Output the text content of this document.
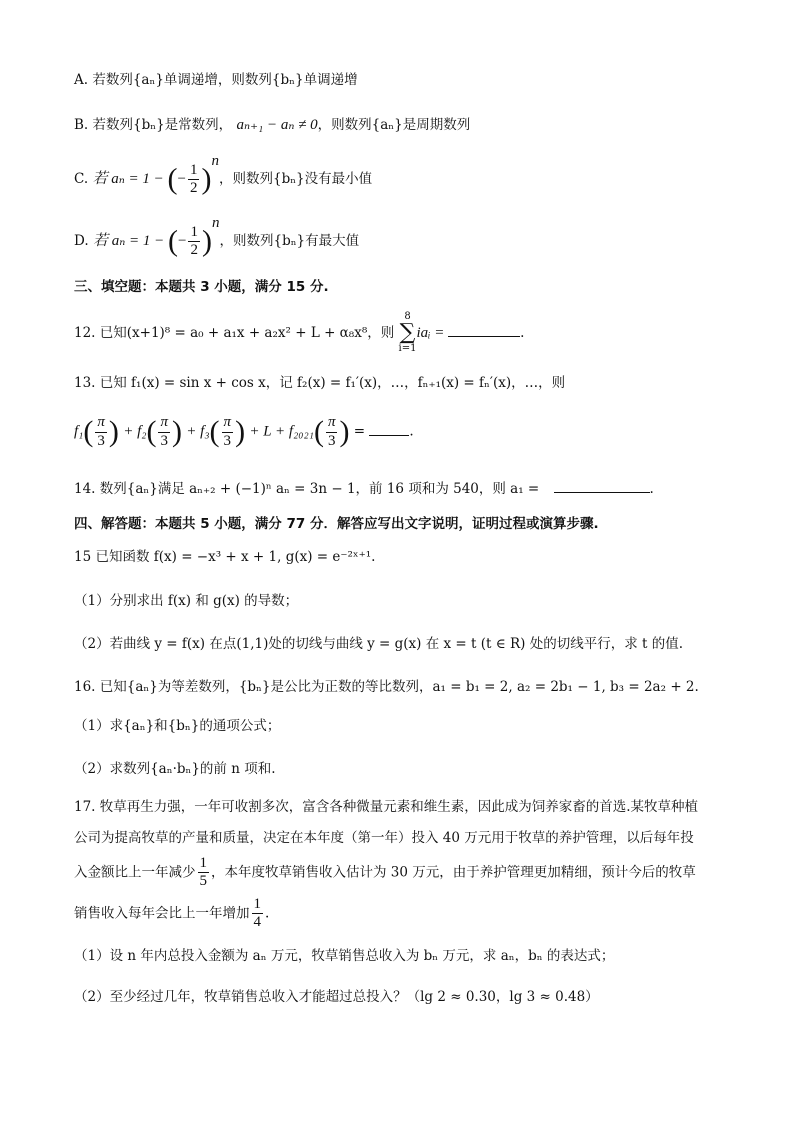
A. 若数列{aₙ}单调递增，则数列{bₙ}单调递增
B. 若数列{bₙ}是常数列， aₙ₊₁ − aₙ ≠ 0，则数列{aₙ}是周期数列
C. 若 aₙ = 1 − (− $\frac{1}{2} )^n$，则数列{bₙ}没有最小值
D. 若 aₙ = 1 − (− $\frac{1}{2} )^n$，则数列{bₙ}有最大值
三、填空题：本题共 3 小题，满分 15 分.
12. 已知(x+1)⁸ = a₀ + a₁x + a₂x² + L + α₈x⁸，则
8
∑
i=1
iaᵢ =	.
13. 已知 f₁(x) = sin x + cos x，记 f₂(x) = f₁′(x)，…，fₙ₊₁(x) = fₙ′(x)，…，则
$f_1( \frac{\pi}{3}$ ) + $f_2( \frac{\pi}{3}$ ) + $f_3( \frac{\pi}{3}$ ) + $L + f_{2021}( \frac{\pi}{3}$ ) =	.
14. 数列{aₙ}满足 aₙ₊₂ + (−1)ⁿ aₙ = 3n − 1，前 16 项和为 540，则 a₁ =	.
四、解答题：本题共 5 小题，满分 77 分．解答应写出文字说明，证明过程或演算步骤.
15 已知函数 f(x) = −x³ + x + 1, g(x) = e⁻²ˣ⁺¹.
（1）分别求出 f(x) 和 g(x) 的导数；
（2）若曲线 y = f(x) 在点(1,1)处的切线与曲线 y = g(x) 在 x = t (t ∈ R) 处的切线平行，求 t 的值.
16. 已知{aₙ}为等差数列，{bₙ}是公比为正数的等比数列，a₁ = b₁ = 2, a₂ = 2b₁ − 1, b₃ = 2a₂ + 2.
（1）求{aₙ}和{bₙ}的通项公式；
（2）求数列{aₙ·bₙ}的前 n 项和.
17. 牧草再生力强，一年可收割多次，富含各种微量元素和维生素，因此成为饲养家畜的首选.某牧草种植
公司为提高牧草的产量和质量，决定在本年度（第一年）投入 40 万元用于牧草的养护管理，以后每年投
入金额比上一年减少 $\frac{1}{5}$ ，本年度牧草销售收入估计为 30 万元，由于养护管理更加精细，预计今后的牧草
销售收入每年会比上一年增加 $\frac{1}{4}$ .
（1）设 n 年内总投入金额为 aₙ 万元，牧草销售总收入为 bₙ 万元，求 aₙ，bₙ 的表达式；
（2）至少经过几年，牧草销售总收入才能超过总投入？（lg 2 ≈ 0.30，lg 3 ≈ 0.48）
